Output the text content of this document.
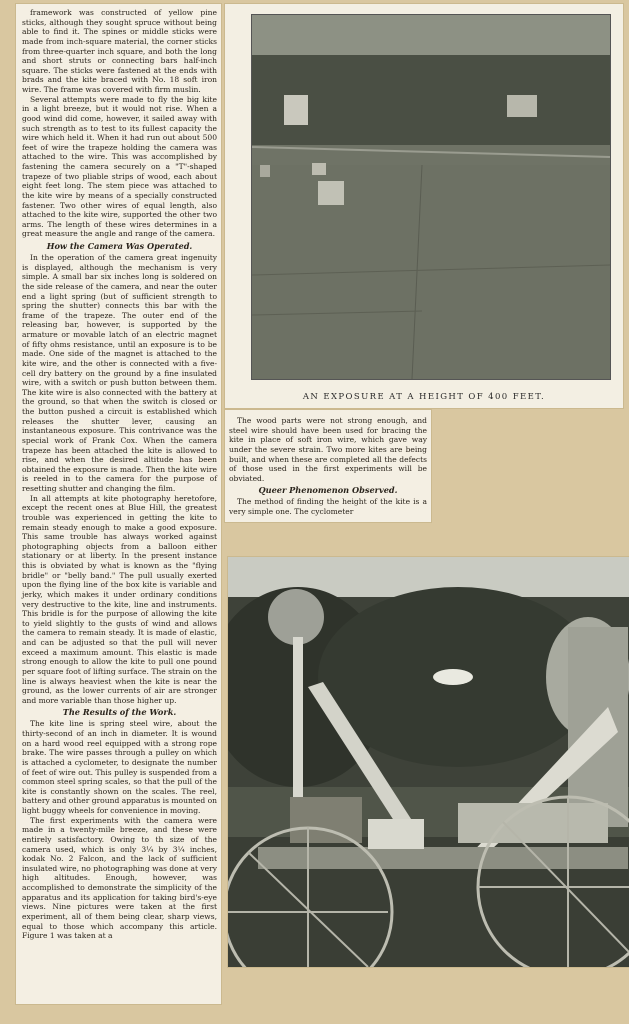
framework was constructed of yellow pine sticks, although they sought spruce without being able to find it. The spines or middle sticks were made from inch-square material, the corner sticks from three-quarter inch square, and both the long and short struts or connecting bars half-inch square. The sticks were fastened at the ends with brads and the kite braced with No. 18 soft iron wire. The frame was covered with firm muslin.

Several attempts were made to fly the big kite in a light breeze, but it would not rise. When a good wind did come, however, it sailed away with such strength as to test to its fullest capacity the wire which held it. When it had run out about 500 feet of wire the trapeze holding the camera was attached to the wire. This was accomplished by fastening the camera securely on a "T"-shaped trapeze of two pliable strips of wood, each about eight feet long. The stem piece was attached to the kite wire by means of a specially constructed fastener. Two other wires of equal length, also attached to the kite wire, supported the other two arms. The length of these wires determines in a great measure the angle and range of the camera.

How the Camera Was Operated.

In the operation of the camera great ingenuity is displayed, although the mechanism is very simple. A small bar six inches long is soldered on the side release of the camera, and near the outer end a light spring (but of sufficient strength to spring the shutter) connects this bar with the frame of the trapeze. The outer end of the releasing bar, however, is supported by the armature or movable latch of an electric magnet of fifty ohms resistance, until an exposure is to be made. One side of the magnet is attached to the kite wire, and the other is connected with a five-cell dry battery on the ground by a fine insulated wire, with a switch or push button between them. The kite wire is also connected with the battery at the ground, so that when the switch is closed or the button pushed a circuit is established which releases the shutter lever, causing an instantaneous exposure. This contrivance was the special work of Frank Cox. When the camera trapeze has been attached the kite is allowed to rise, and when the desired altitude has been obtained the exposure is made. Then the kite wire is reeled in to the camera for the purpose of resetting shutter and changing the film.

In all attempts at kite photography heretofore, except the recent ones at Blue Hill, the greatest trouble was experienced in getting the kite to remain steady enough to make a good exposure. This same trouble has always worked against photographing objects from a balloon either stationary or at liberty. In the present instance this is obviated by what is known as the "flying bridle" or "belly band." The pull usually exerted upon the flying line of the box kite is variable and jerky, which makes it under ordinary conditions very destructive to the kite, line and instruments. This bridle is for the purpose of allowing the kite to yield slightly to the gusts of wind and allows the camera to remain steady. It is made of elastic, and can be adjusted so that the pull will never exceed a maximum amount. This elastic is made strong enough to allow the kite to pull one pound per square foot of lifting surface. The strain on the line is always heaviest when the kite is near the ground, as the lower currents of air are stronger and more variable than those higher up.

The Results of the Work.

The kite line is spring steel wire, about the thirty-second of an inch in diameter. It is wound on a hard wood reel equipped with a strong rope brake. The wire passes through a pulley on which is attached a cyclometer, to designate the number of feet of wire out. This pulley is suspended from a common steel spring scales, so that the pull of the kite is constantly shown on the scales. The reel, battery and other ground apparatus is mounted on light buggy wheels for convenience in moving.

The first experiments with the camera were made in a twenty-mile breeze, and these were entirely satisfactory. Owing to th size of the camera used, which is only 3¼ by 3¼ inches, kodak No. 2 Falcon, and the lack of sufficient insulated wire, no photographing was done at very high altitudes. Enough, however, was accomplished to demonstrate the simplicity of the apparatus and its application for taking bird's-eye views. Nine pictures were taken at the first experiment, all of them being clear, sharp views, equal to those which accompany this article. Figure 1 was taken at a

AN EXPOSURE AT A HEIGHT OF 400 FEET.

The wood parts were not strong enough, and steel wire should have been used for bracing the kite in place of soft iron wire, which gave way under the severe strain. Two more kites are being built, and when these are completed all the defects of those used in the first experiments will be obviated.

Queer Phenomenon Observed.

The method of finding the height of the kite is a very simple one. The cyclometer
